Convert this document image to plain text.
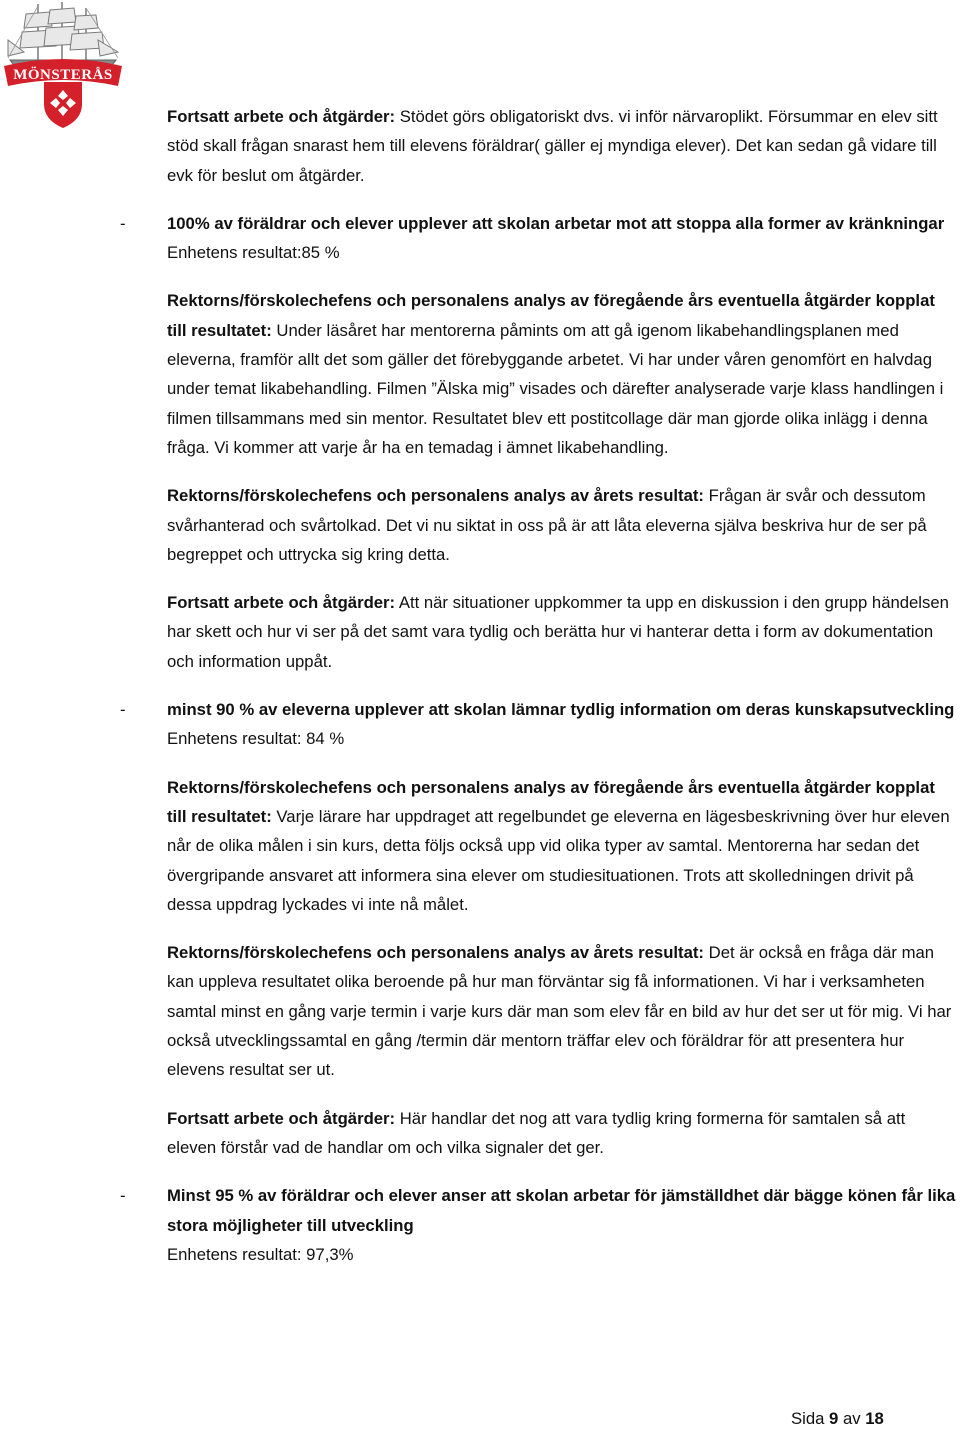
MÖNSTERÅS

Fortsatt arbete och åtgärder: Stödet görs obligatoriskt dvs. vi inför närvaroplikt. Försummar en elev sitt stöd skall frågan snarast hem till elevens föräldrar( gäller ej myndiga elever). Det kan sedan gå vidare till evk för beslut om åtgärder.

- 100% av föräldrar och elever upplever att skolan arbetar mot att stoppa alla former av kränkningar
Enhetens resultat:85 %

Rektorns/förskolechefens och personalens analys av föregående års eventuella åtgärder kopplat till resultatet: Under läsåret har mentorerna påmints om att gå igenom likabehandlingsplanen med eleverna, framför allt det som gäller det förebyggande arbetet. Vi har under våren genomfört en halvdag under temat likabehandling. Filmen ”Älska mig” visades och därefter analyserade varje klass handlingen i filmen tillsammans med sin mentor. Resultatet blev ett postitcollage där man gjorde olika inlägg i denna fråga. Vi kommer att varje år ha en temadag i ämnet likabehandling.

Rektorns/förskolechefens och personalens analys av årets resultat: Frågan är svår och dessutom svårhanterad och svårtolkad. Det vi nu siktat in oss på är att låta eleverna själva beskriva hur de ser på begreppet och uttrycka sig kring detta.

Fortsatt arbete och åtgärder: Att när situationer uppkommer ta upp en diskussion i den grupp händelsen har skett och hur vi ser på det samt vara tydlig och berätta hur vi hanterar detta i form av dokumentation och information uppåt.

- minst 90 % av eleverna upplever att skolan lämnar tydlig information om deras kunskapsutveckling
Enhetens resultat: 84 %

Rektorns/förskolechefens och personalens analys av föregående års eventuella åtgärder kopplat till resultatet: Varje lärare har uppdraget att regelbundet ge eleverna en lägesbeskrivning över hur eleven når de olika målen i sin kurs, detta följs också upp vid olika typer av samtal. Mentorerna har sedan det övergripande ansvaret att informera sina elever om studiesituationen. Trots att skolledningen drivit på dessa uppdrag lyckades vi inte nå målet.

Rektorns/förskolechefens och personalens analys av årets resultat: Det är också en fråga där man kan uppleva resultatet olika beroende på hur man förväntar sig få informationen. Vi har i verksamheten samtal minst en gång varje termin i varje kurs där man som elev får en bild av hur det ser ut för mig. Vi har också utvecklingssamtal en gång /termin där mentorn träffar elev och föräldrar för att presentera hur elevens resultat ser ut.

Fortsatt arbete och åtgärder: Här handlar det nog att vara tydlig kring formerna för samtalen så att eleven förstår vad de handlar om och vilka signaler det ger.

- Minst 95 % av föräldrar och elever anser att skolan arbetar för jämställdhet där bägge könen får lika stora möjligheter till utveckling
Enhetens resultat: 97,3%
Sida 9 av 18
